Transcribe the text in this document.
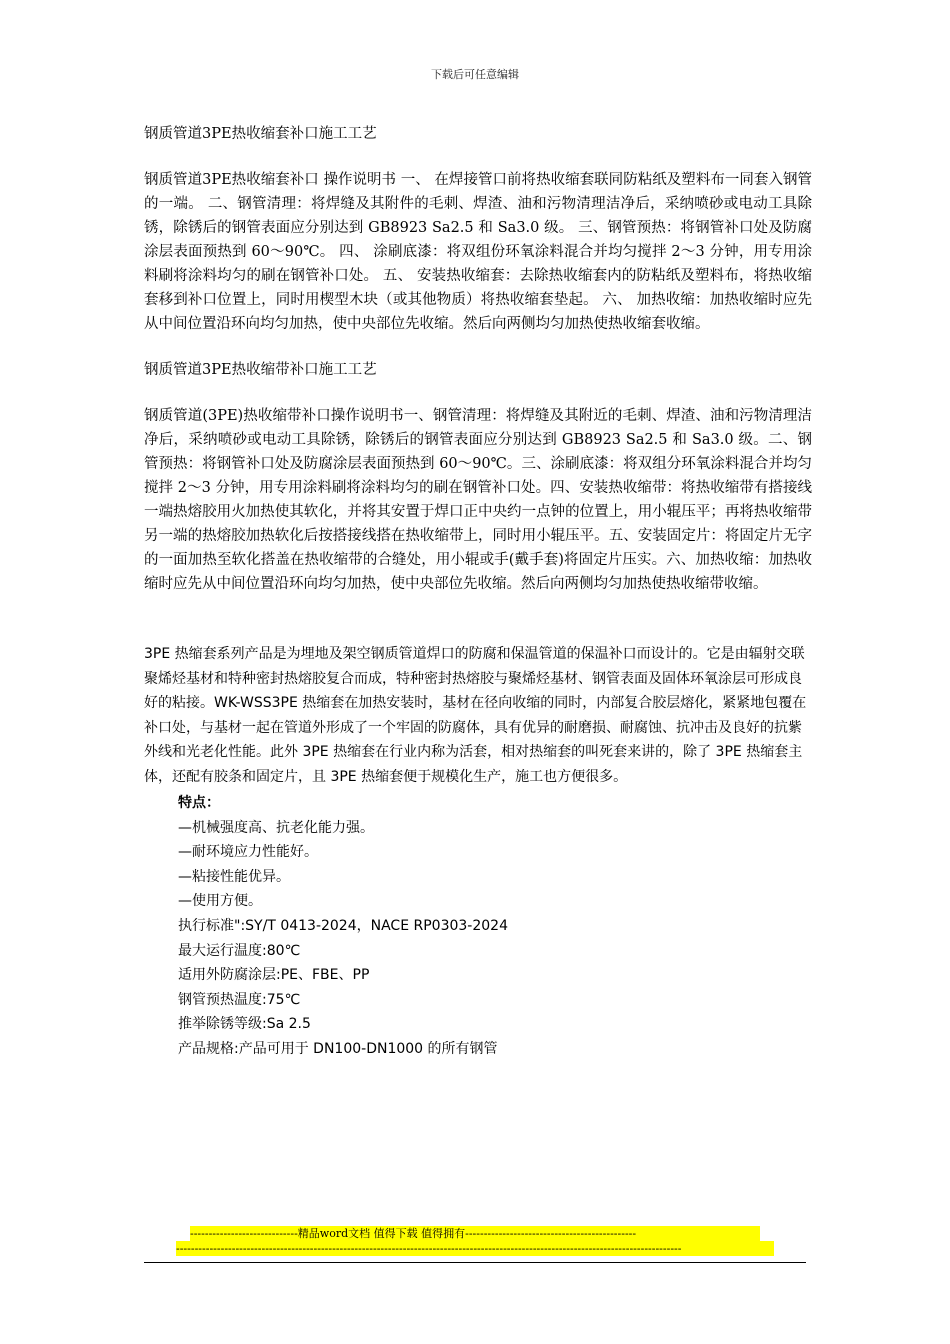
下载后可任意编辑

钢质管道3PE热收缩套补口施工工艺

钢质管道3PE热收缩套补口 操作说明书 一、 在焊接管口前将热收缩套联同防粘纸及塑料布一同套入钢管的一端。 二、钢管清理：将焊缝及其附件的毛刺、焊渣、油和污物清理洁净后，采纳喷砂或电动工具除锈，除锈后的钢管表面应分别达到 GB8923 Sa2.5 和 Sa3.0 级。 三、钢管预热：将钢管补口处及防腐涂层表面预热到 60～90℃。 四、 涂刷底漆：将双组份环氧涂料混合并均匀搅拌 2～3 分钟，用专用涂料刷将涂料均匀的刷在钢管补口处。 五、 安装热收缩套：去除热收缩套内的防粘纸及塑料布，将热收缩套移到补口位置上，同时用楔型木块（或其他物质）将热收缩套垫起。 六、 加热收缩：加热收缩时应先从中间位置沿环向均匀加热，使中央部位先收缩。然后向两侧均匀加热使热收缩套收缩。

钢质管道3PE热收缩带补口施工工艺

钢质管道(3PE)热收缩带补口操作说明书一、钢管清理：将焊缝及其附近的毛刺、焊渣、油和污物清理洁净后，采纳喷砂或电动工具除锈，除锈后的钢管表面应分别达到 GB8923 Sa2.5 和 Sa3.0 级。二、钢管预热：将钢管补口处及防腐涂层表面预热到 60～90℃。三、涂刷底漆：将双组分环氧涂料混合并均匀搅拌 2～3 分钟，用专用涂料刷将涂料均匀的刷在钢管补口处。四、安装热收缩带：将热收缩带有搭接线一端热熔胶用火加热使其软化，并将其安置于焊口正中央约一点钟的位置上，用小辊压平；再将热收缩带另一端的热熔胶加热软化后按搭接线搭在热收缩带上，同时用小辊压平。五、安装固定片：将固定片无字的一面加热至软化搭盖在热收缩带的合缝处，用小辊或手(戴手套)将固定片压实。六、加热收缩：加热收缩时应先从中间位置沿环向均匀加热，使中央部位先收缩。然后向两侧均匀加热使热收缩带收缩。

3PE 热缩套系列产品是为埋地及架空钢质管道焊口的防腐和保温管道的保温补口而设计的。它是由辐射交联聚烯烃基材和特种密封热熔胶复合而成，特种密封热熔胶与聚烯烃基材、钢管表面及固体环氧涂层可形成良好的粘接。WK-WSS3PE 热缩套在加热安装时，基材在径向收缩的同时，内部复合胶层熔化，紧紧地包覆在补口处，与基材一起在管道外形成了一个牢固的防腐体，具有优异的耐磨损、耐腐蚀、抗冲击及良好的抗紫外线和光老化性能。此外 3PE 热缩套在行业内称为活套，相对热缩套的叫死套来讲的，除了 3PE 热缩套主体，还配有胶条和固定片，且 3PE 热缩套便于规模化生产，施工也方便很多。

特点：

—机械强度高、抗老化能力强。

—耐环境应力性能好。

—粘接性能优异。

—使用方便。

执行标准":SY/T 0413-2024，NACE RP0303-2024

最大运行温度:80℃

适用外防腐涂层:PE、FBE、PP

钢管预热温度:75℃

推举除锈等级:Sa 2.5

产品规格:产品可用于 DN100-DN1000 的所有钢管

-----------------------------精品word文档 值得下载 值得拥有----------------------------------------------
----------------------------------------------------------------------------------------------------------------------------------------
